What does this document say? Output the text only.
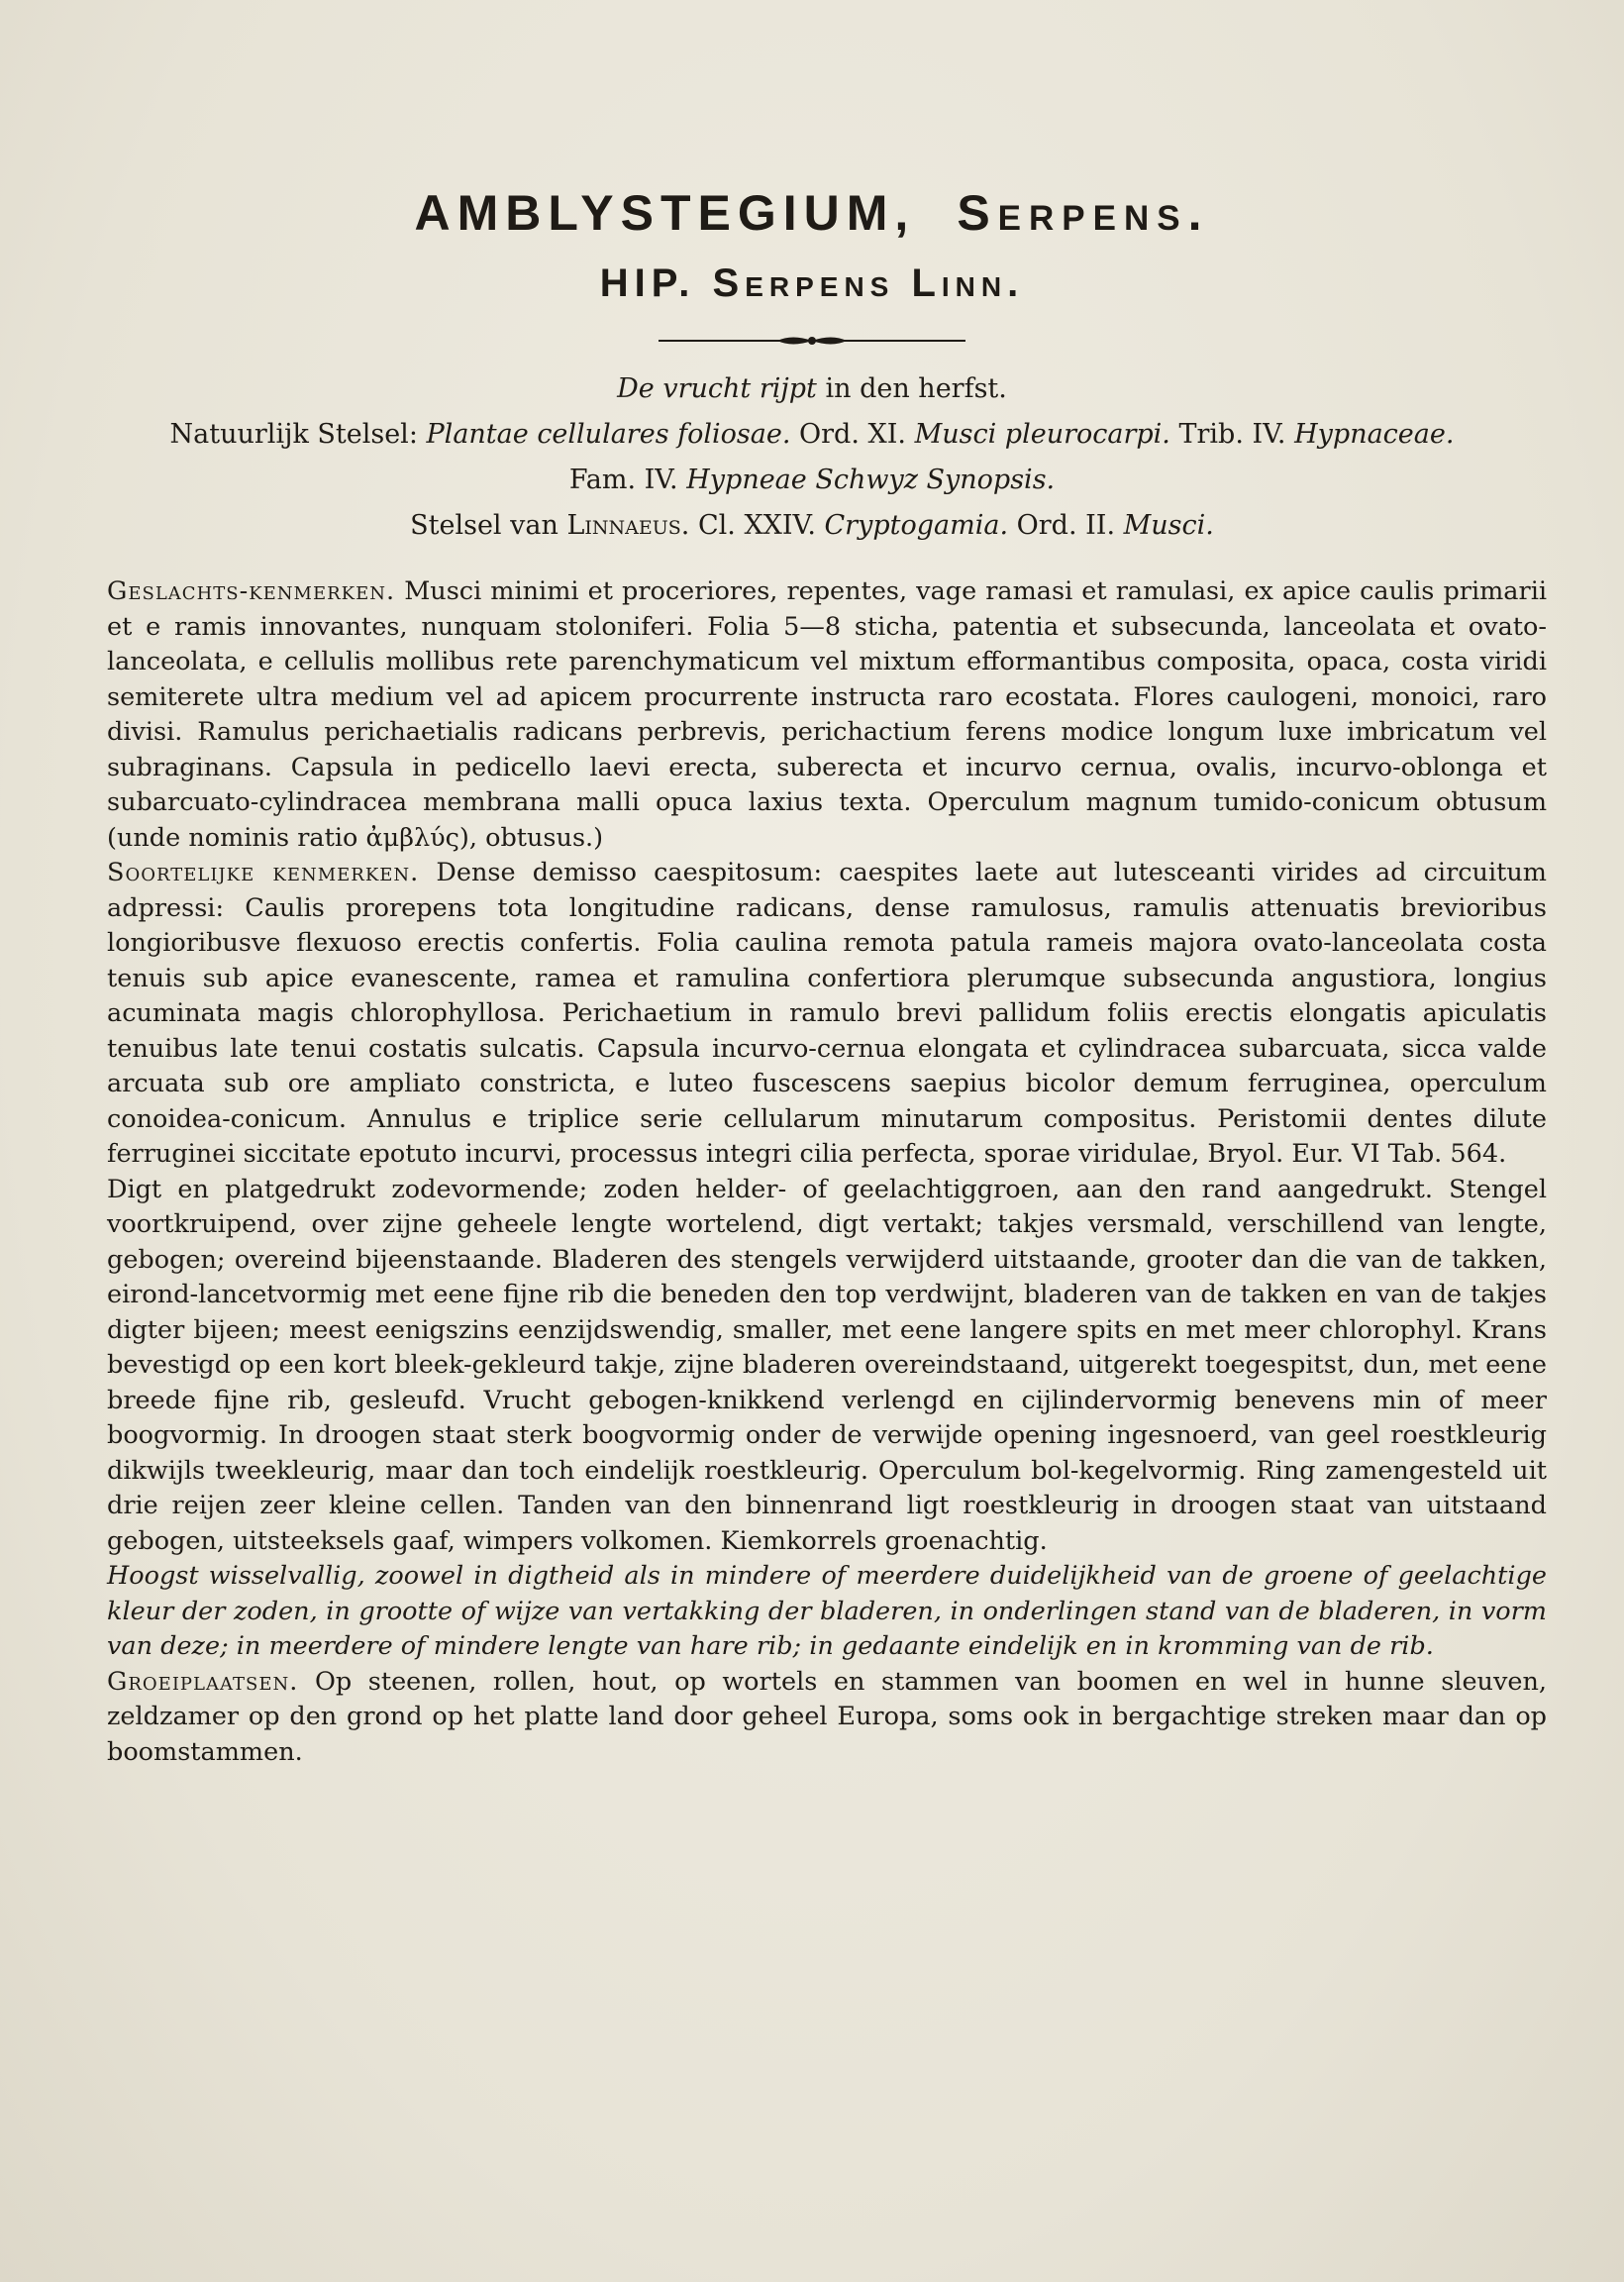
AMBLYSTEGIUM, Serpens.
HIP. Serpens Linn.
De vrucht rijpt in den herfst.
Natuurlijk Stelsel: Plantae cellulares foliosae. Ord. XI. Musci pleurocarpi. Trib. IV. Hypnaceae.
Fam. IV. Hypneae Schwyz Synopsis.
Stelsel van Linnaeus. Cl. XXIV. Cryptogamia. Ord. II. Musci.

Geslachts-kenmerken. Musci minimi et proceriores, repentes, vage ramasi et ramulasi, ex apice caulis primarii et e ramis innovantes, nunquam stoloniferi. Folia 5—8 sticha, patentia et subsecunda, lanceolata et ovato-lanceolata, e cellulis mollibus rete parenchymaticum vel mixtum efformantibus composita, opaca, costa viridi semiterete ultra medium vel ad apicem procurrente instructa raro ecostata. Flores caulogeni, monoici, raro divisi. Ramulus perichaetialis radicans perbrevis, perichactium ferens modice longum luxe imbricatum vel subraginans. Capsula in pedicello laevi erecta, suberecta et incurvo cernua, ovalis, incurvo-oblonga et subarcuato-cylindracea membrana malli opuca laxius texta. Operculum magnum tumido-conicum obtusum (unde nominis ratio ἀμβλύς), obtusus.)

Soortelijke kenmerken. Dense demisso caespitosum: caespites laete aut lutesceanti virides ad circuitum adpressi: Caulis prorepens tota longitudine radicans, dense ramulosus, ramulis attenuatis brevioribus longioribusve flexuoso erectis confertis. Folia caulina remota patula rameis majora ovato-lanceolata costa tenuis sub apice evanescente, ramea et ramulina confertiora plerumque subsecunda angustiora, longius acuminata magis chlorophyllosa. Perichaetium in ramulo brevi pallidum foliis erectis elongatis apiculatis tenuibus late tenui costatis sulcatis. Capsula incurvo-cernua elongata et cylindracea subarcuata, sicca valde arcuata sub ore ampliato constricta, e luteo fuscescens saepius bicolor demum ferruginea, operculum conoidea-conicum. Annulus e triplice serie cellularum minutarum compositus. Peristomii dentes dilute ferruginei siccitate epotuto incurvi, processus integri cilia perfecta, sporae viridulae, Bryol. Eur. VI Tab. 564.

Digt en platgedrukt zodevormende; zoden helder- of geelachtiggroen, aan den rand aangedrukt. Stengel voortkruipend, over zijne geheele lengte wortelend, digt vertakt; takjes versmald, verschillend van lengte, gebogen; overeind bijeenstaande. Bladeren des stengels verwijderd uitstaande, grooter dan die van de takken, eirond-lancetvormig met eene fijne rib die beneden den top verdwijnt, bladeren van de takken en van de takjes digter bijeen; meest eenigszins eenzijdswendig, smaller, met eene langere spits en met meer chlorophyl. Krans bevestigd op een kort bleek-gekleurd takje, zijne bladeren overeindstaand, uitgerekt toegespitst, dun, met eene breede fijne rib, gesleufd. Vrucht gebogen-knikkend verlengd en cijlindervormig benevens min of meer boogvormig. In droogen staat sterk boogvormig onder de verwijde opening ingesnoerd, van geel roestkleurig dikwijls tweekleurig, maar dan toch eindelijk roestkleurig. Operculum bol-kegelvormig. Ring zamengesteld uit drie reijen zeer kleine cellen. Tanden van den binnenrand ligt roestkleurig in droogen staat van uitstaand gebogen, uitsteeksels gaaf, wimpers volkomen. Kiemkorrels groenachtig.

Hoogst wisselvallig, zoowel in digtheid als in mindere of meerdere duidelijkheid van de groene of geelachtige kleur der zoden, in grootte of wijze van vertakking der bladeren, in onderlingen stand van de bladeren, in vorm van deze; in meerdere of mindere lengte van hare rib; in gedaante eindelijk en in kromming van de rib.

Groeiplaatsen. Op steenen, rollen, hout, op wortels en stammen van boomen en wel in hunne sleuven, zeldzamer op den grond op het platte land door geheel Europa, soms ook in bergachtige streken maar dan op boomstammen.
